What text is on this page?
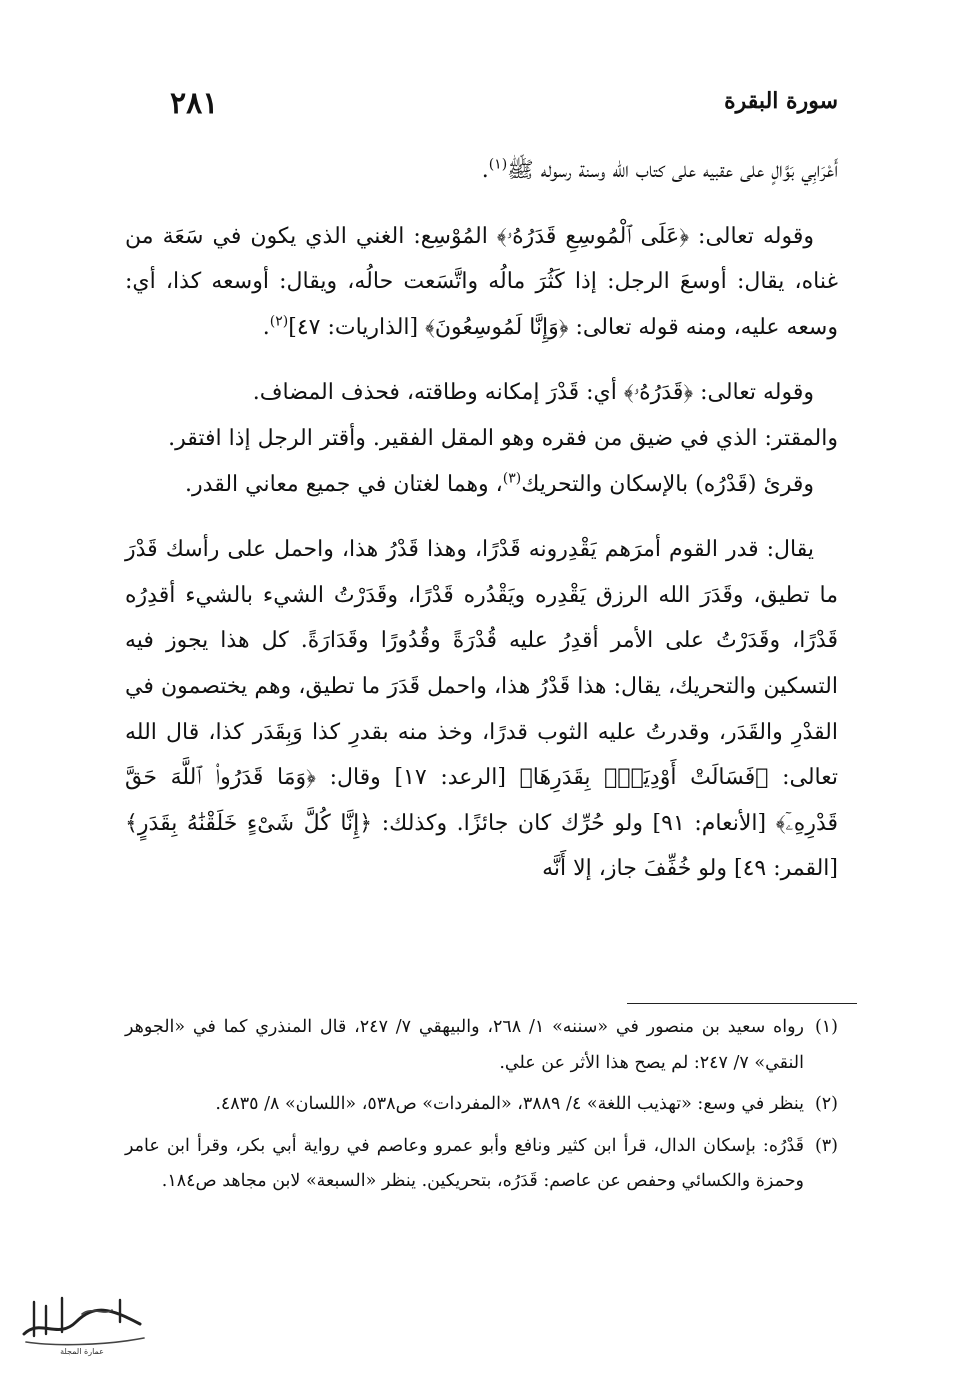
٢٨١	سورة البقرة

أَعْرَابِي بَوَّالٍ على عقبيه على كتاب الله وسنة رسوله ﷺ$^{(١)}$.

وقوله تعالى: ﴿عَلَى ٱلْمُوسِعِ قَدَرُهُۥ﴾ المُوْسِع: الغني الذي يكون في سَعَة من غناه، يقال: أوسعَ الرجل: إذا كَثُرَ مالُه واتَّسَعت حالُه، ويقال: أوسعه كذا، أي: وسعه عليه، ومنه قوله تعالى: ﴿وَإِنَّا لَمُوسِعُونَ﴾ [الذاريات: ٤٧]$^{(٢)}$.

وقوله تعالى: ﴿قَدَرُهُۥ﴾ أي: قَدْرَ إمكانه وطاقته، فحذف المضاف.

والمقتر: الذي في ضيق من فقره وهو المقل الفقير. وأقتر الرجل إذا افتقر.

وقرئ (قَدْرُه) بالإسكان والتحريك$^{(٣)}$، وهما لغتان في جميع معاني القدر.

يقال: قدر القوم أمرَهم يَقْدِرونه قَدْرًا، وهذا قَدْرُ هذا، واحمل على رأسك قَدْرَ ما تطيق، وقَدَرَ الله الرزق يَقْدِره ويَقْدُره قَدْرًا، وقَدَرْتُ الشيء بالشيء أقدِرُه قَدْرًا، وقَدَرْتُ على الأمر أقدِرُ عليه قُدْرَةً وقُدُورًا وقَدَارَةً. كل هذا يجوز فيه التسكين والتحريك، يقال: هذا قَدْرُ هذا، واحمل قَدَرَ ما تطيق، وهم يختصمون في القدْرِ والقَدَر، وقدرتُ عليه الثوب قدرًا، وخذ منه بقدرِ كذا وَبِقَدَر كذا، قال الله تعالى: ﴿فَسَالَتْ أَوْدِيَةٌۢ بِقَدَرِهَا﴾ [الرعد: ١٧] وقال: ﴿وَمَا قَدَرُوا۟ ٱللَّهَ حَقَّ قَدْرِهِۦٓ﴾ [الأنعام: ٩١] ولو حُرِّك كان جائزًا. وكذلك: ﴿إِنَّا كُلَّ شَىْءٍ خَلَقْنَٰهُ بِقَدَرٍ﴾ [القمر: ٤٩] ولو خُفِّفَ جاز، إلا أَنَّه

(١)
رواه سعيد بن منصور في «سننه» ١/ ٢٦٨، والبيهقي ٧/ ٢٤٧، قال المنذري كما في «الجوهر النقي» ٧/ ٢٤٧: لم يصح هذا الأثر عن علي.
(٢)
ينظر في وسع: «تهذيب اللغة» ٤/ ٣٨٨٩، «المفردات» ص٥٣٨، «اللسان» ٨/ ٤٨٣٥.
(٣)
قَدْرُه: بإسكان الدال، قرأ ابن كثير ونافع وأبو عمرو وعاصم في رواية أبي بكر، وقرأ ابن عامر وحمزة والكسائي وحفص عن عاصم: قَدَرُه، بتحريكين. ينظر «السبعة» لابن مجاهد ص١٨٤.
عمارة المجلة
